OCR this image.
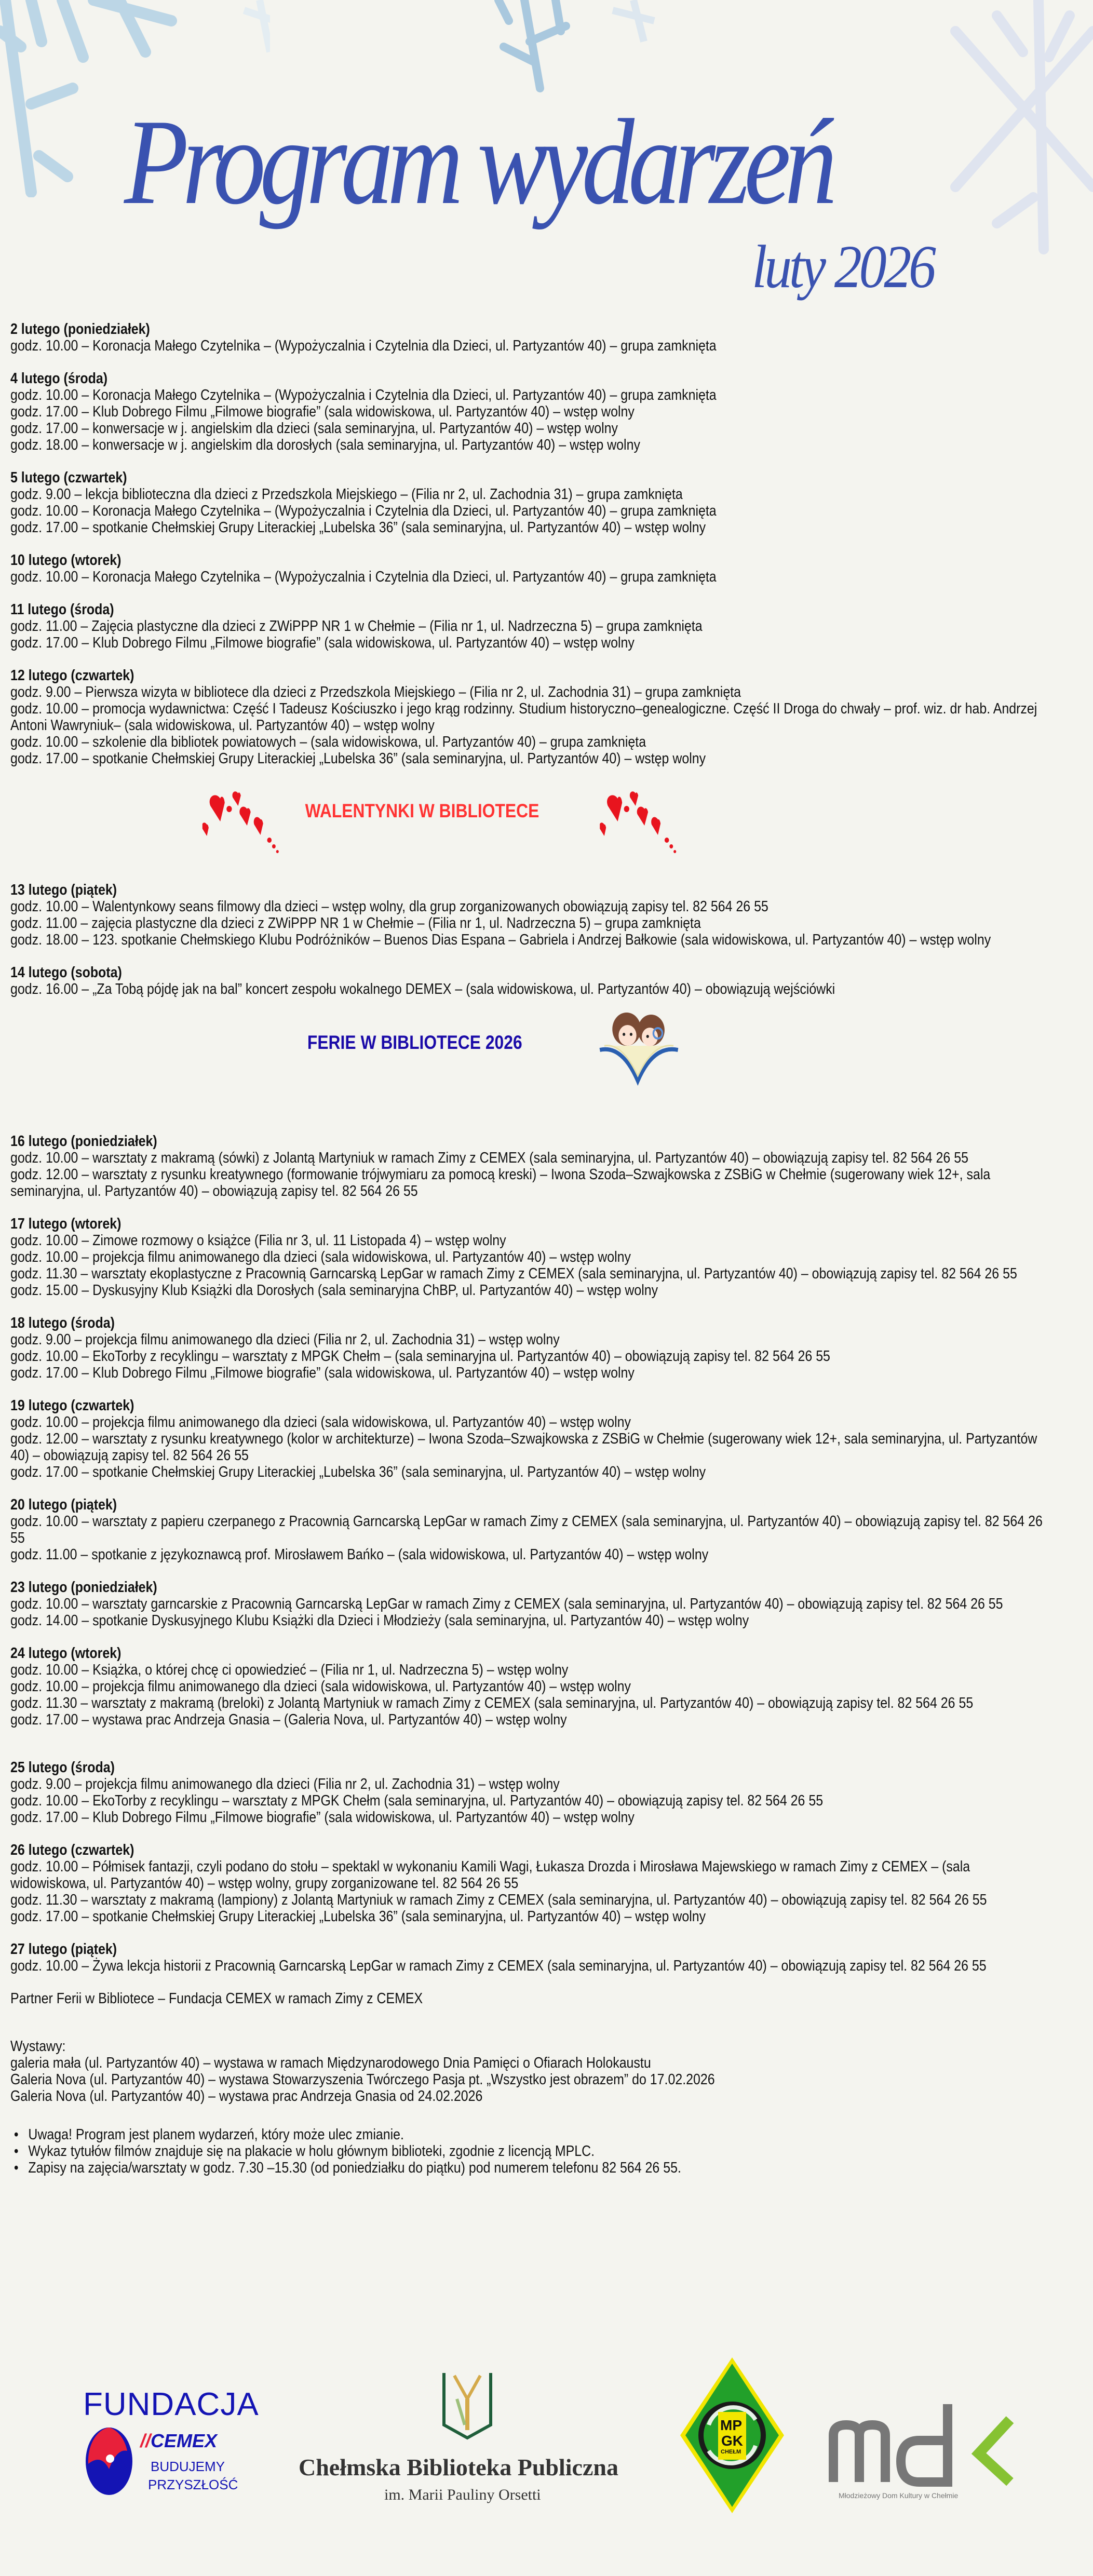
Program wydarzeń
luty 2026
2 lutego (poniedziałek)
godz. 10.00 – Koronacja Małego Czytelnika – (Wypożyczalnia i Czytelnia dla Dzieci, ul. Partyzantów 40) – grupa zamknięta
4 lutego (środa)
godz. 10.00 – Koronacja Małego Czytelnika – (Wypożyczalnia i Czytelnia dla Dzieci, ul. Partyzantów 40) – grupa zamknięta
godz. 17.00 – Klub Dobrego Filmu „Filmowe biografie” (sala widowiskowa, ul. Partyzantów 40) – wstęp wolny
godz. 17.00 – konwersacje w j. angielskim dla dzieci (sala seminaryjna, ul. Partyzantów 40) – wstęp wolny
godz. 18.00 – konwersacje w j. angielskim dla dorosłych (sala seminaryjna, ul. Partyzantów 40) – wstęp wolny
5 lutego (czwartek)
godz. 9.00 – lekcja biblioteczna dla dzieci z Przedszkola Miejskiego – (Filia nr 2, ul. Zachodnia 31) – grupa zamknięta
godz. 10.00 – Koronacja Małego Czytelnika – (Wypożyczalnia i Czytelnia dla Dzieci, ul. Partyzantów 40) – grupa zamknięta
godz. 17.00 – spotkanie Chełmskiej Grupy Literackiej „Lubelska 36” (sala seminaryjna, ul. Partyzantów 40) – wstęp wolny
10 lutego (wtorek)
godz. 10.00 – Koronacja Małego Czytelnika – (Wypożyczalnia i Czytelnia dla Dzieci, ul. Partyzantów 40) – grupa zamknięta
11 lutego (środa)
godz. 11.00 – Zajęcia plastyczne dla dzieci z ZWiPPP NR 1 w Chełmie – (Filia nr 1, ul. Nadrzeczna 5) – grupa zamknięta
godz. 17.00 – Klub Dobrego Filmu „Filmowe biografie” (sala widowiskowa, ul. Partyzantów 40) – wstęp wolny
12 lutego (czwartek)
godz. 9.00 – Pierwsza wizyta w bibliotece dla dzieci z Przedszkola Miejskiego – (Filia nr 2, ul. Zachodnia 31) – grupa zamknięta
godz. 10.00 – promocja wydawnictwa: Część I Tadeusz Kościuszko i jego krąg rodzinny. Studium historyczno–genealogiczne. Część II Droga do chwały – prof. wiz. dr hab. Andrzej Antoni Wawryniuk– (sala widowiskowa, ul. Partyzantów 40) – wstęp wolny
godz. 10.00 – szkolenie dla bibliotek powiatowych – (sala widowiskowa, ul. Partyzantów 40) – grupa zamknięta
godz. 17.00 – spotkanie Chełmskiej Grupy Literackiej „Lubelska 36” (sala seminaryjna, ul. Partyzantów 40) – wstęp wolny
WALENTYNKI W BIBLIOTECE
13 lutego (piątek)
godz. 10.00 – Walentynkowy seans filmowy dla dzieci – wstęp wolny, dla grup zorganizowanych obowiązują zapisy tel. 82 564 26 55
godz. 11.00 – zajęcia plastyczne dla dzieci z ZWiPPP NR 1 w Chełmie – (Filia nr 1, ul. Nadrzeczna 5) – grupa zamknięta
godz. 18.00 – 123. spotkanie Chełmskiego Klubu Podróżników – Buenos Dias Espana – Gabriela i Andrzej Bałkowie (sala widowiskowa, ul. Partyzantów 40) – wstęp wolny
14 lutego (sobota)
godz. 16.00 – „Za Tobą pójdę jak na bal” koncert zespołu wokalnego DEMEX – (sala widowiskowa, ul. Partyzantów 40) – obowiązują wejściówki
FERIE W BIBLIOTECE 2026
16 lutego (poniedziałek)
godz. 10.00 – warsztaty z makramą (sówki) z Jolantą Martyniuk w ramach Zimy z CEMEX (sala seminaryjna, ul. Partyzantów 40) – obowiązują zapisy tel. 82 564 26 55
godz. 12.00 – warsztaty z rysunku kreatywnego (formowanie trójwymiaru za pomocą kreski) – Iwona Szoda–Szwajkowska z ZSBiG w Chełmie (sugerowany wiek 12+, sala seminaryjna, ul. Partyzantów 40) – obowiązują zapisy tel. 82 564 26 55
17 lutego (wtorek)
godz. 10.00 – Zimowe rozmowy o książce (Filia nr 3, ul. 11 Listopada 4) – wstęp wolny
godz. 10.00 – projekcja filmu animowanego dla dzieci (sala widowiskowa, ul. Partyzantów 40) – wstęp wolny
godz. 11.30 – warsztaty ekoplastyczne z Pracownią Garncarską LepGar w ramach Zimy z CEMEX (sala seminaryjna, ul. Partyzantów 40) – obowiązują zapisy tel. 82 564 26 55
godz. 15.00 – Dyskusyjny Klub Książki dla Dorosłych (sala seminaryjna ChBP, ul. Partyzantów 40) – wstęp wolny
18 lutego (środa)
godz. 9.00 – projekcja filmu animowanego dla dzieci (Filia nr 2, ul. Zachodnia 31) – wstęp wolny
godz. 10.00 – EkoTorby z recyklingu – warsztaty z MPGK Chełm – (sala seminaryjna ul. Partyzantów 40) – obowiązują zapisy tel. 82 564 26 55
godz. 17.00 – Klub Dobrego Filmu „Filmowe biografie” (sala widowiskowa, ul. Partyzantów 40) – wstęp wolny
19 lutego (czwartek)
godz. 10.00 – projekcja filmu animowanego dla dzieci (sala widowiskowa, ul. Partyzantów 40) – wstęp wolny
godz. 12.00 – warsztaty z rysunku kreatywnego (kolor w architekturze) – Iwona Szoda–Szwajkowska z ZSBiG w Chełmie (sugerowany wiek 12+, sala seminaryjna, ul. Partyzantów 40) – obowiązują zapisy tel. 82 564 26 55
godz. 17.00 – spotkanie Chełmskiej Grupy Literackiej „Lubelska 36” (sala seminaryjna, ul. Partyzantów 40) – wstęp wolny
20 lutego (piątek)
godz. 10.00 – warsztaty z papieru czerpanego z Pracownią Garncarską LepGar w ramach Zimy z CEMEX (sala seminaryjna, ul. Partyzantów 40) – obowiązują zapisy tel. 82 564 26 55
godz. 11.00 – spotkanie z językoznawcą prof. Mirosławem Bańko – (sala widowiskowa, ul. Partyzantów 40) – wstęp wolny
23 lutego (poniedziałek)
godz. 10.00 – warsztaty garncarskie z Pracownią Garncarską LepGar w ramach Zimy z CEMEX (sala seminaryjna, ul. Partyzantów 40) – obowiązują zapisy tel. 82 564 26 55
godz. 14.00 – spotkanie Dyskusyjnego Klubu Książki dla Dzieci i Młodzieży (sala seminaryjna, ul. Partyzantów 40) – wstęp wolny
24 lutego (wtorek)
godz. 10.00 – Książka, o której chcę ci opowiedzieć – (Filia nr 1, ul. Nadrzeczna 5) – wstęp wolny
godz. 10.00 – projekcja filmu animowanego dla dzieci (sala widowiskowa, ul. Partyzantów 40) – wstęp wolny
godz. 11.30 – warsztaty z makramą (breloki) z Jolantą Martyniuk w ramach Zimy z CEMEX (sala seminaryjna, ul. Partyzantów 40) – obowiązują zapisy tel. 82 564 26 55
godz. 17.00 – wystawa prac Andrzeja Gnasia – (Galeria Nova, ul. Partyzantów 40) – wstęp wolny
25 lutego (środa)
godz. 9.00 – projekcja filmu animowanego dla dzieci (Filia nr 2, ul. Zachodnia 31) – wstęp wolny
godz. 10.00 – EkoTorby z recyklingu – warsztaty z MPGK Chełm (sala seminaryjna, ul. Partyzantów 40) – obowiązują zapisy tel. 82 564 26 55
godz. 17.00 – Klub Dobrego Filmu „Filmowe biografie” (sala widowiskowa, ul. Partyzantów 40) – wstęp wolny
26 lutego (czwartek)
godz. 10.00 – Półmisek fantazji, czyli podano do stołu – spektakl w wykonaniu Kamili Wagi, Łukasza Drozda i Mirosława Majewskiego w ramach Zimy z CEMEX – (sala widowiskowa, ul. Partyzantów 40) – wstęp wolny, grupy zorganizowane tel. 82 564 26 55
godz. 11.30 – warsztaty z makramą (lampiony) z Jolantą Martyniuk w ramach Zimy z CEMEX (sala seminaryjna, ul. Partyzantów 40) – obowiązują zapisy tel. 82 564 26 55
godz. 17.00 – spotkanie Chełmskiej Grupy Literackiej „Lubelska 36” (sala seminaryjna, ul. Partyzantów 40) – wstęp wolny
27 lutego (piątek)
godz. 10.00 – Żywa lekcja historii z Pracownią Garncarską LepGar w ramach Zimy z CEMEX (sala seminaryjna, ul. Partyzantów 40) – obowiązują zapisy tel. 82 564 26 55
Partner Ferii w Bibliotece – Fundacja CEMEX w ramach Zimy z CEMEX
Wystawy:
galeria mała (ul. Partyzantów 40) – wystawa w ramach Międzynarodowego Dnia Pamięci o Ofiarach Holokaustu
Galeria Nova (ul. Partyzantów 40) – wystawa Stowarzyszenia Twórczego Pasja pt. „Wszystko jest obrazem” do 17.02.2026
Galeria Nova (ul. Partyzantów 40) – wystawa prac Andrzeja Gnasia od 24.02.2026
• Uwaga! Program jest planem wydarzeń, który może ulec zmianie.
• Wykaz tytułów filmów znajduje się na plakacie w holu głównym biblioteki, zgodnie z licencją MPLC.
• Zapisy na zajęcia/warsztaty w godz. 7.30 –15.30 (od poniedziałku do piątku) pod numerem telefonu 82 564 26 55.
FUNDACJA
//CEMEX
BUDUJEMY
PRZYSZŁOŚĆ
Chełmska Biblioteka Publiczna
im. Marii Pauliny Orsetti
MP
GK
CHEŁM
Młodzieżowy Dom Kultury w Chełmie
